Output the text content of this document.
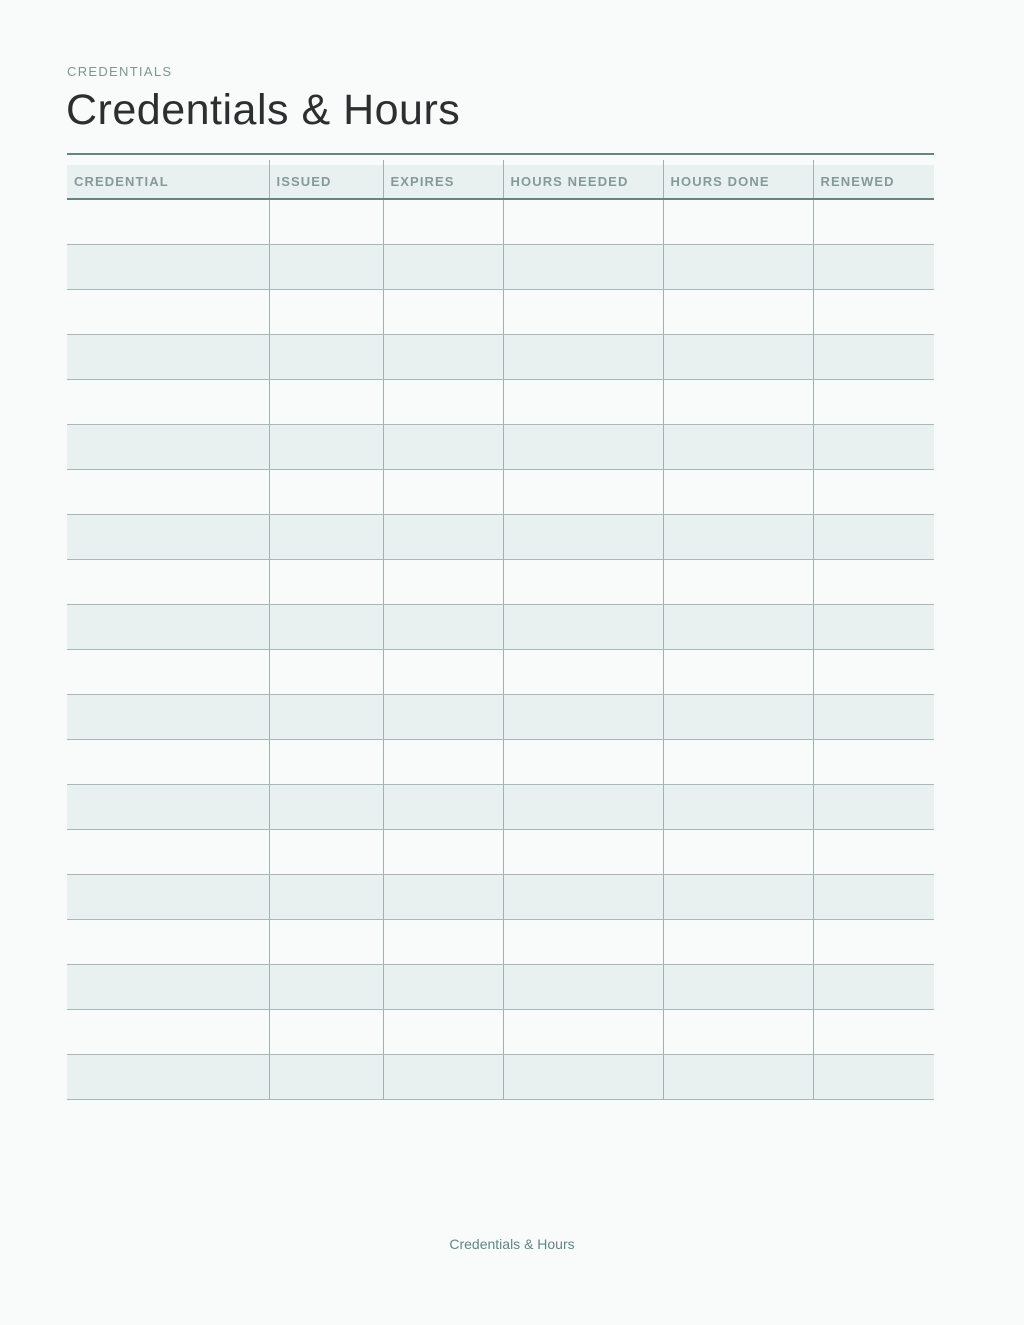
CREDENTIALS
Credentials & Hours

CREDENTIAL	ISSUED	EXPIRES	HOURS NEEDED	HOURS DONE	RENEWED

Credentials & Hours
